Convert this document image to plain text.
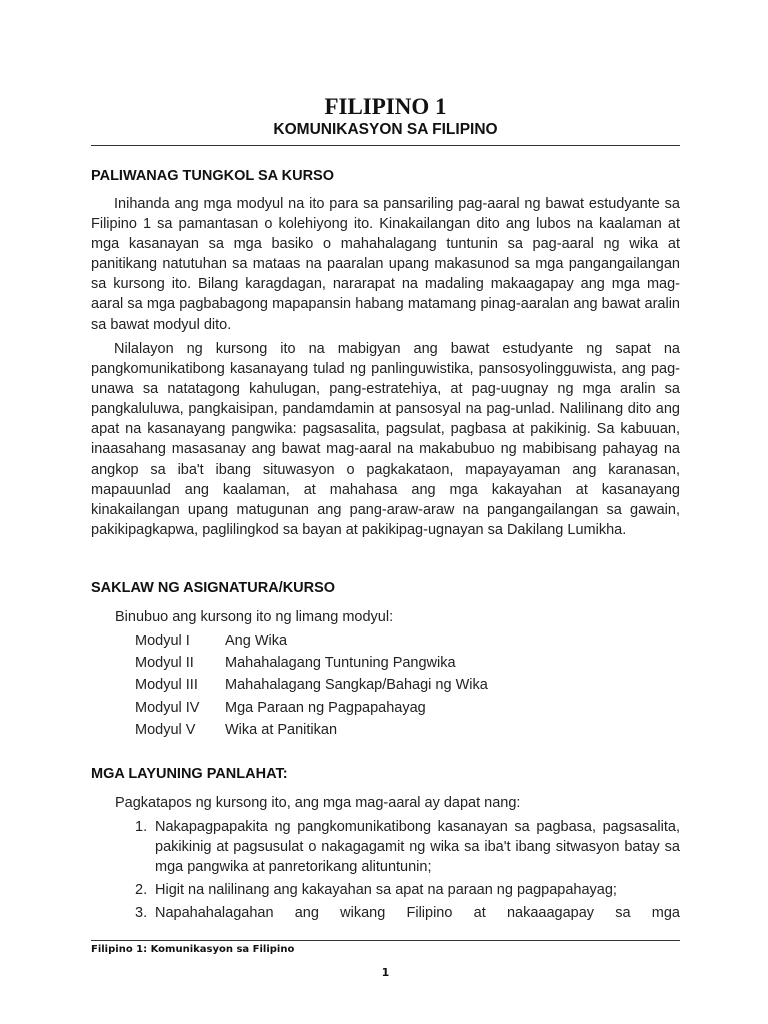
FILIPINO 1
KOMUNIKASYON SA FILIPINO
PALIWANAG TUNGKOL SA KURSO

Inihanda ang mga modyul na ito para sa pansariling pag-aaral ng bawat estudyante sa Filipino 1 sa pamantasan o kolehiyong ito. Kinakailangan dito ang lubos na kaalaman at mga kasanayan sa mga basiko o mahahalagang tuntunin sa pag-aaral ng wika at panitikang natutuhan sa mataas na paaralan upang makasunod sa mga pangangailangan sa kursong ito. Bilang karagdagan, nararapat na madaling makaagapay ang mga mag-aaral sa mga pagbabagong mapapansin habang matamang pinag-aaralan ang bawat aralin sa bawat modyul dito.

Nilalayon ng kursong ito na mabigyan ang bawat estudyante ng sapat na pangkomunikatibong kasanayang tulad ng panlinguwistika, pansosyolingguwista, ang pag-unawa sa natatagong kahulugan, pang-estratehiya, at pag-uugnay ng mga aralin sa pangkaluluwa, pangkaisipan, pandamdamin at pansosyal na pag-unlad. Nalilinang dito ang apat na kasanayang pangwika: pagsasalita, pagsulat, pagbasa at pakikinig. Sa kabuuan, inaasahang masasanay ang bawat mag-aaral na makabubuo ng mabibisang pahayag na angkop sa iba't ibang situwasyon o pagkakataon, mapayayaman ang karanasan, mapauunlad ang kaalaman, at mahahasa ang mga kakayahan at kasanayang kinakailangan upang matugunan ang pang-araw-araw na pangangailangan sa gawain, pakikipagkapwa, paglilingkod sa bayan at pakikipag-ugnayan sa Dakilang Lumikha.

SAKLAW NG ASIGNATURA/KURSO

Binubuo ang kursong ito ng limang modyul:

Modyul I	Ang Wika
Modyul II	Mahahalagang Tuntuning Pangwika
Modyul III	Mahahalagang Sangkap/Bahagi ng Wika
Modyul IV	Mga Paraan ng Pagpapahayag
Modyul V	Wika at Panitikan
MGA LAYUNING PANLAHAT:

Pagkatapos ng kursong ito, ang mga mag-aaral ay dapat nang:

1. Nakapagpapakita ng pangkomunikatibong kasanayan sa pagbasa, pagsasalita, pakikinig at pagsusulat o nakagagamit ng wika sa iba't ibang sitwasyon batay sa mga pangwika at panretorikang alituntunin;
2. Higit na nalilinang ang kakayahan sa apat na paraan ng pagpapahayag;
3. Napahahalagahan ang wikang Filipino at nakaaagapay sa mga

Filipino 1: Komunikasyon sa Filipino

1
